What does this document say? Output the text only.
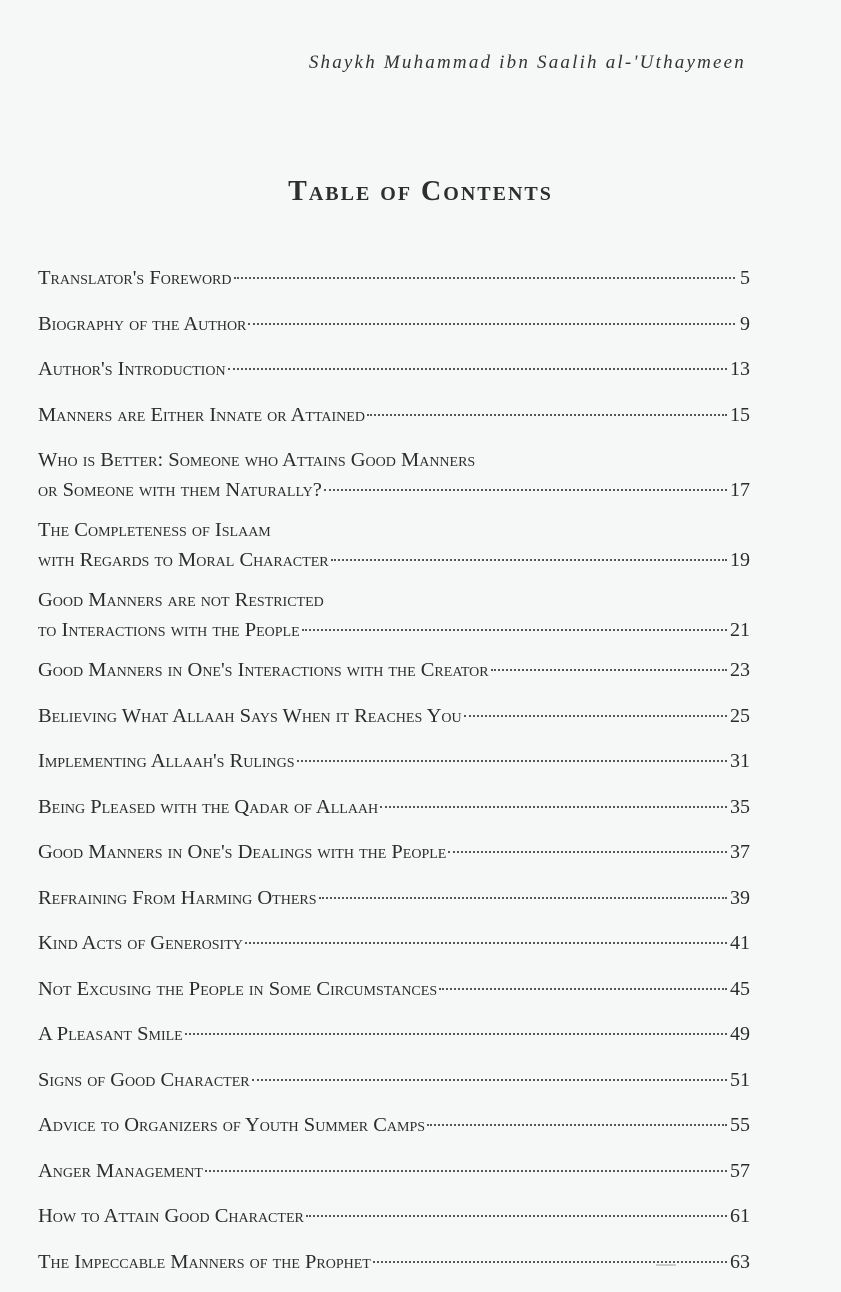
Shaykh Muhammad ibn Saalih al-'Uthaymeen
Table of Contents
Translator's Foreword	5
Biography of the Author	9
Author's Introduction	13
Manners are Either Innate or Attained	15
Who is Better: Someone who Attains Good Manners
or Someone with them Naturally?	17
The Completeness of Islaam
with Regards to Moral Character	19
Good Manners are not Restricted
to Interactions with the People	21
Good Manners in One's Interactions with the Creator	23
Believing What Allaah Says When it Reaches You	25
Implementing Allaah's Rulings	31
Being Pleased with the Qadar of Allaah	35
Good Manners in One's Dealings with the People	37
Refraining From Harming Others	39
Kind Acts of Generosity	41
Not Excusing the People in Some Circumstances	45
A Pleasant Smile	49
Signs of Good Character	51
Advice to Organizers of Youth Summer Camps	55
Anger Management	57
How to Attain Good Character	61
The Impeccable Manners of the Prophet	63
